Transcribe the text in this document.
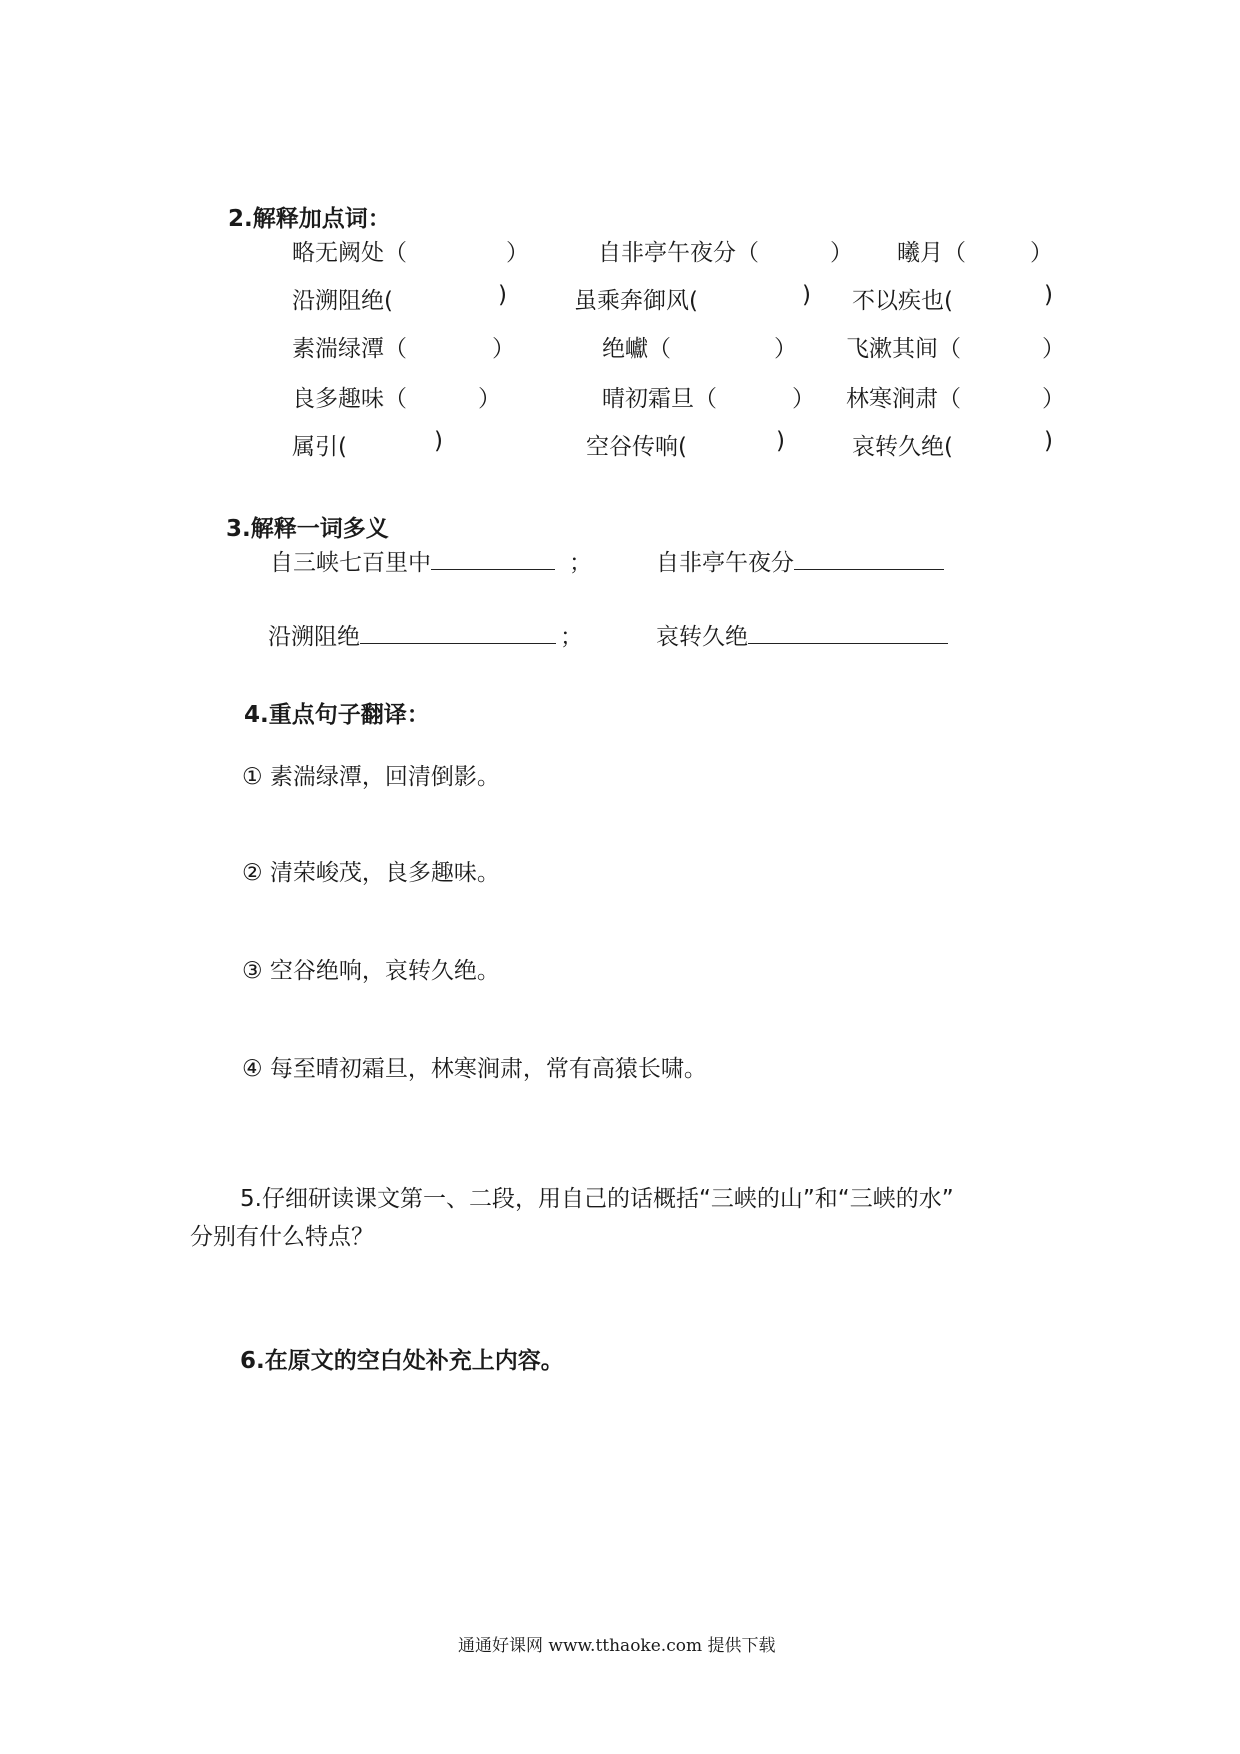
2.解释加点词：
略无阙处（	）	自非亭午夜分（	） 曦月（	）
沿溯阻绝(	)	虽乘奔御风(	) 不以疾也(	)
素湍绿潭（	）	绝巘（	） 飞漱其间（	）
良多趣味（	）	晴初霜旦（	） 林寒涧肃（	）
属引(	)	空谷传响(	)	哀转久绝(	)
3.解释一词多义
自三峡七百里中	；	自非亭午夜分
沿溯阻绝	；	哀转久绝
4.重点句子翻译：
① 素湍绿潭，回清倒影。
② 清荣峻茂，良多趣味。
③ 空谷绝响，哀转久绝。
④ 每至晴初霜旦，林寒涧肃，常有高猿长啸。
5.仔细研读课文第一、二段，用自己的话概括“三峡的山”和“三峡的水”
分别有什么特点？
6.在原文的空白处补充上内容。
通通好课网 www.tthaoke.com 提供下载
